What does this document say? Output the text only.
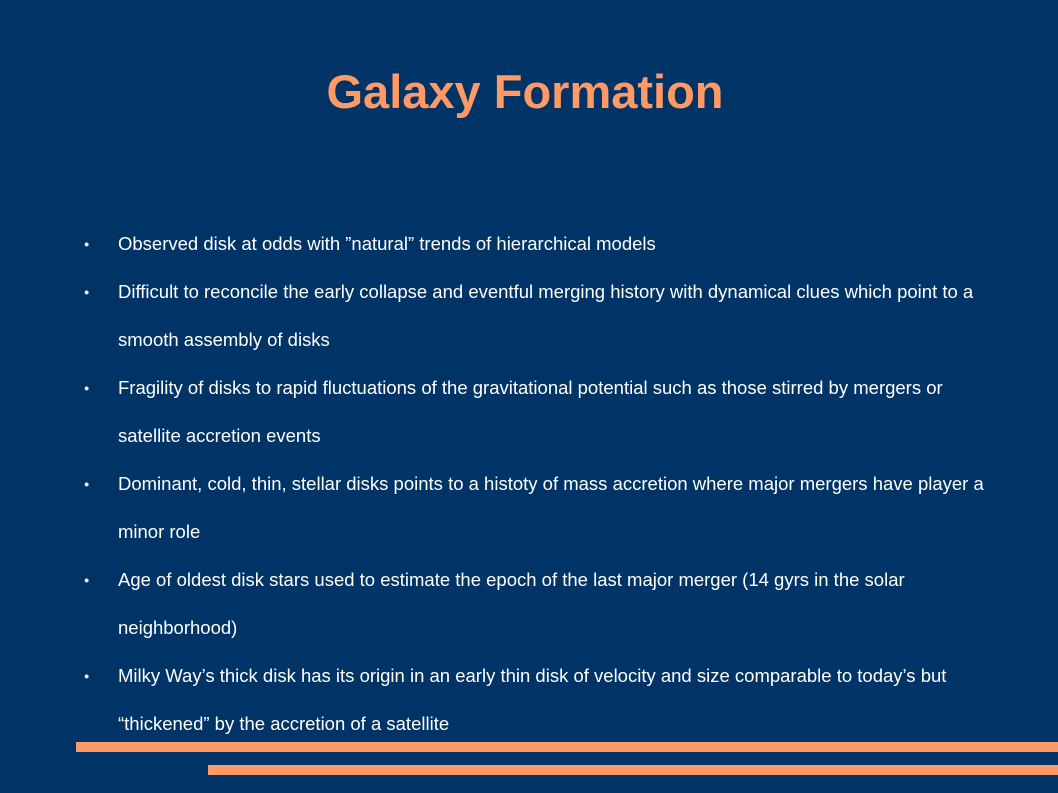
Galaxy Formation
● Observed disk at odds with ”natural” trends of hierarchical models
● Difficult to reconcile the early collapse and eventful merging history with dynamical clues which point to a smooth assembly of disks
● Fragility of disks to rapid fluctuations of the gravitational potential such as those stirred by mergers or satellite accretion events
● Dominant, cold, thin, stellar disks points to a histoty of mass accretion where major mergers have player a minor role
● Age of oldest disk stars used to estimate the epoch of the last major merger (14 gyrs in the solar neighborhood)
● Milky Way’s thick disk has its origin in an early thin disk of velocity and size comparable to today’s but “thickened” by the accretion of a satellite
